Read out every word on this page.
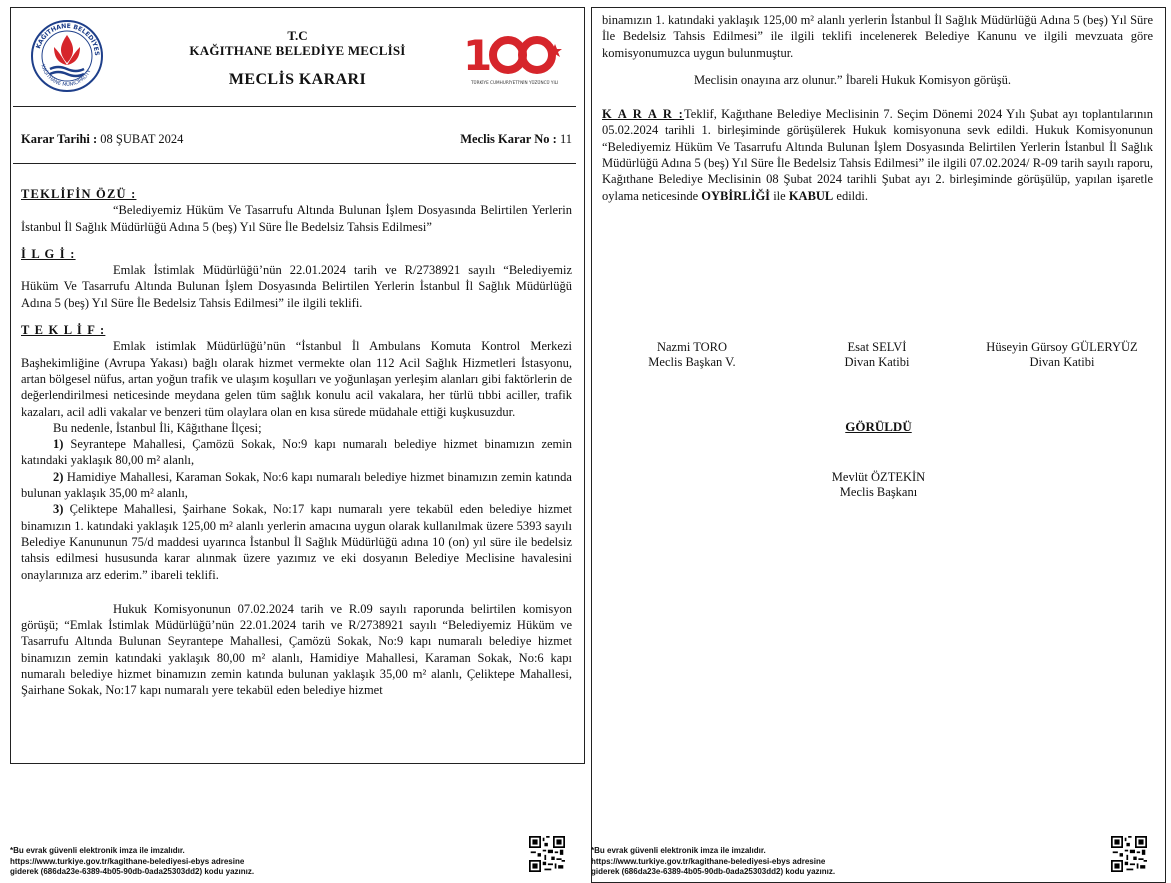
KAĞITHANE BELEDİYES
KAĞITHANE MUNICIPALITY
T.C
KAĞITHANE BELEDİYE MECLİSİ
MECLİS KARARI	1
TÜRKİYE CUMHURİYETİ'NİN YÜZÜNCÜ YILI
Karar Tarihi : 08 ŞUBAT 2024	Meclis Karar No : 11

TEKLİFİN ÖZÜ :

“Belediyemiz Hüküm Ve Tasarrufu Altında Bulunan İşlem Dosyasında Belirtilen Yerlerin İstanbul İl Sağlık Müdürlüğü Adına 5 (beş) Yıl Süre İle Bedelsiz Tahsis Edilmesi”

İ L G İ :

Emlak İstimlak Müdürlüğü’nün 22.01.2024 tarih ve R/2738921 sayılı “Belediyemiz Hüküm Ve Tasarrufu Altında Bulunan İşlem Dosyasında Belirtilen Yerlerin İstanbul İl Sağlık Müdürlüğü Adına 5 (beş) Yıl Süre İle Bedelsiz Tahsis Edilmesi” ile ilgili teklifi.

T E K L İ F :

Emlak istimlak Müdürlüğü’nün “İstanbul İl Ambulans Komuta Kontrol Merkezi Başhekimliğine (Avrupa Yakası) bağlı olarak hizmet vermekte olan 112 Acil Sağlık Hizmetleri İstasyonu, artan bölgesel nüfus, artan yoğun trafik ve ulaşım koşulları ve yoğunlaşan yerleşim alanları gibi faktörlerin de değerlendirilmesi neticesinde meydana gelen tüm sağlık konulu acil vakalara, her türlü tıbbi aciller, trafik kazaları, acil adli vakalar ve benzeri tüm olaylara olan en kısa sürede müdahale ettiği kuşkusuzdur.

Bu nedenle, İstanbul İli, Kâğıthane İlçesi;

1) Seyrantepe Mahallesi, Çamözü Sokak, No:9 kapı numaralı belediye hizmet binamızın zemin katındaki yaklaşık 80,00 m² alanlı,

2) Hamidiye Mahallesi, Karaman Sokak, No:6 kapı numaralı belediye hizmet binamızın zemin katında bulunan yaklaşık 35,00 m² alanlı,

3) Çeliktepe Mahallesi, Şairhane Sokak, No:17 kapı numaralı yere tekabül eden belediye hizmet binamızın 1. katındaki yaklaşık 125,00 m² alanlı yerlerin amacına uygun olarak kullanılmak üzere 5393 sayılı Belediye Kanununun 75/d maddesi uyarınca İstanbul İl Sağlık Müdürlüğü adına 10 (on) yıl süre ile bedelsiz tahsis edilmesi hususunda karar alınmak üzere yazımız ve eki dosyanın Belediye Meclisine havalesini onaylarınıza arz ederim.” ibareli teklifi.

Hukuk Komisyonunun 07.02.2024 tarih ve R.09 sayılı raporunda belirtilen komisyon görüşü; “Emlak İstimlak Müdürlüğü’nün 22.01.2024 tarih ve R/2738921 sayılı “Belediyemiz Hüküm ve Tasarrufu Altında Bulunan Seyrantepe Mahallesi, Çamözü Sokak, No:9 kapı numaralı belediye hizmet binamızın zemin katındaki yaklaşık 80,00 m² alanlı, Hamidiye Mahallesi, Karaman Sokak, No:6 kapı numaralı belediye hizmet binamızın zemin katında bulunan yaklaşık 35,00 m² alanlı, Çeliktepe Mahallesi, Şairhane Sokak, No:17 kapı numaralı yere tekabül eden belediye hizmet

*Bu evrak güvenli elektronik imza ile imzalıdır.
https://www.turkiye.gov.tr/kagithane-belediyesi-ebys adresine
giderek (686da23e-6389-4b05-90db-0ada25303dd2) kodu yazınız.

binamızın 1. katındaki yaklaşık 125,00 m² alanlı yerlerin İstanbul İl Sağlık Müdürlüğü Adına 5 (beş) Yıl Süre İle Bedelsiz Tahsis Edilmesi” ile ilgili teklifi incelenerek Belediye Kanunu ve ilgili mevzuata göre komisyonumuzca uygun bulunmuştur.

Meclisin onayına arz olunur.” İbareli Hukuk Komisyon görüşü.

K A R A R :Teklif, Kağıthane Belediye Meclisinin 7. Seçim Dönemi 2024 Yılı Şubat ayı toplantılarının 05.02.2024 tarihli 1. birleşiminde görüşülerek Hukuk komisyonuna sevk edildi. Hukuk Komisyonunun “Belediyemiz Hüküm Ve Tasarrufu Altında Bulunan İşlem Dosyasında Belirtilen Yerlerin İstanbul İl Sağlık Müdürlüğü Adına 5 (beş) Yıl Süre İle Bedelsiz Tahsis Edilmesi” ile ilgili 07.02.2024/ R-09 tarih sayılı raporu, Kağıthane Belediye Meclisinin 08 Şubat 2024 tarihli Şubat ayı 2. birleşiminde görüşülüp, yapılan işaretle oylama neticesinde OYBİRLİĞİ ile KABUL edildi.

Nazmi TORO
Meclis Başkan V.
Esat SELVİ
Divan Katibi
Hüseyin Gürsoy GÜLERYÜZ
Divan Katibi
GÖRÜLDÜ
Mevlüt ÖZTEKİN
Meclis Başkanı
*Bu evrak güvenli elektronik imza ile imzalıdır.
https://www.turkiye.gov.tr/kagithane-belediyesi-ebys adresine
giderek (686da23e-6389-4b05-90db-0ada25303dd2) kodu yazınız.
